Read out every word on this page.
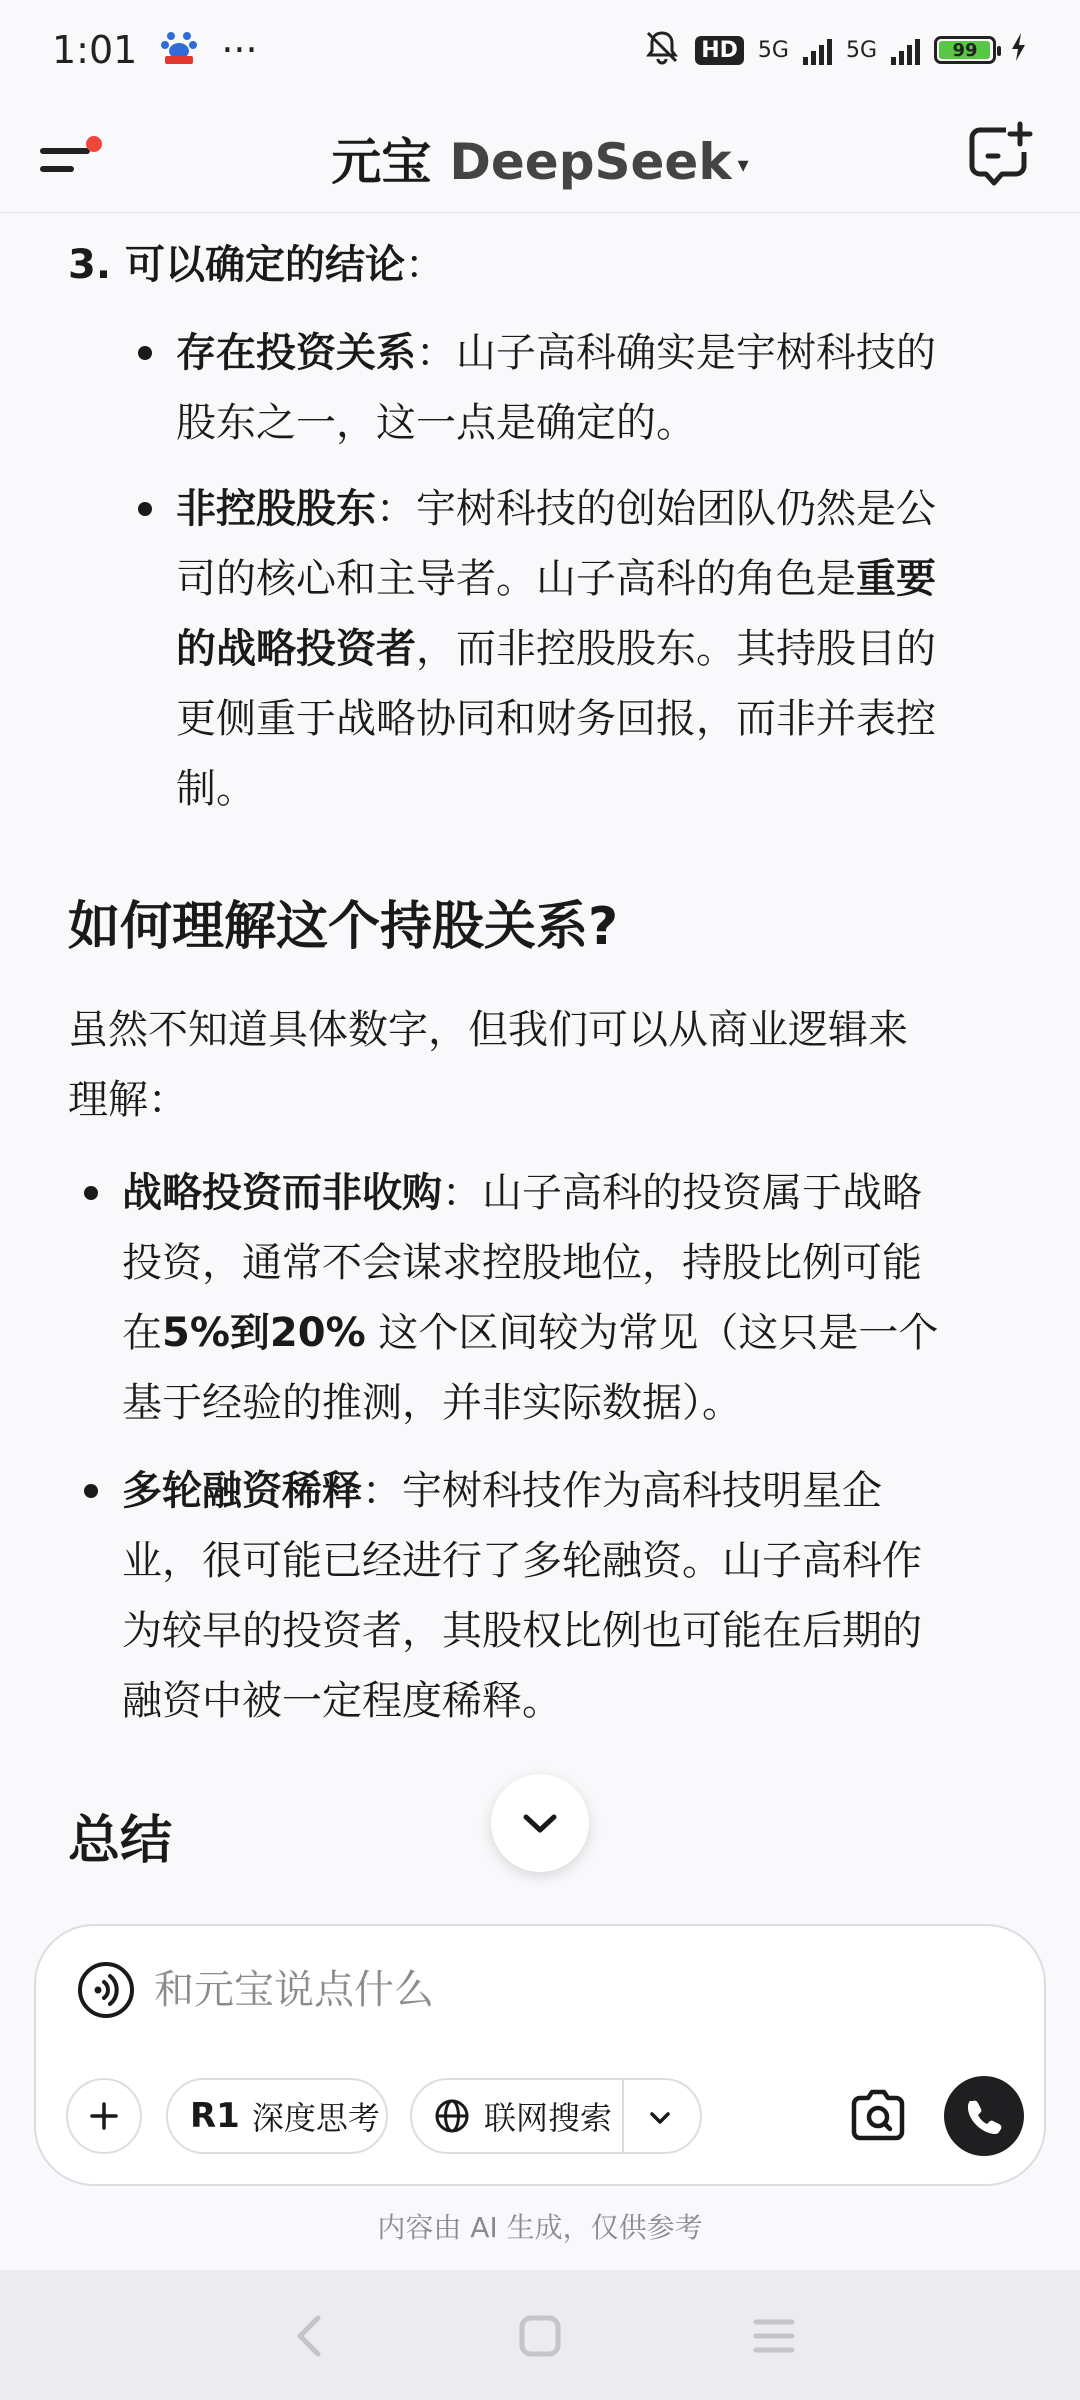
1:01 ···	HD 5G	5G	99
元宝 DeepSeek ▾
3. 可以确定的结论：
存在投资关系：山子高科确实是宇树科技的
股东之一，这一点是确定的。
非控股股东：宇树科技的创始团队仍然是公
司的核心和主导者。山子高科的角色是重要
的战略投资者，而非控股股东。其持股目的
更侧重于战略协同和财务回报，而非并表控
制。
如何理解这个持股关系?
虽然不知道具体数字，但我们可以从商业逻辑来
理解：
战略投资而非收购：山子高科的投资属于战略
投资，通常不会谋求控股地位，持股比例可能
在5%到20% 这个区间较为常见（这只是一个
基于经验的推测，并非实际数据）。
多轮融资稀释：宇树科技作为高科技明星企
业，很可能已经进行了多轮融资。山子高科作
为较早的投资者，其股权比例也可能在后期的
融资中被一定程度稀释。
总结
和元宝说点什么
R1 深度思考	联网搜索
内容由 AI 生成，仅供参考
